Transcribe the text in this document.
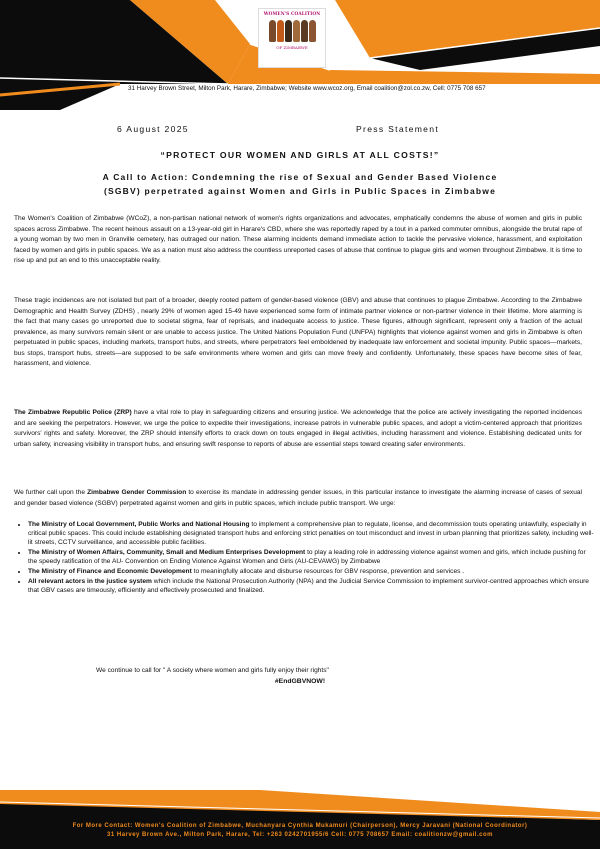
WOMEN'S COALITION
OF ZIMBABWE
31 Harvey Brown Street, Milton Park, Harare, Zimbabwe; Website www.wcoz.org, Email coalition@zol.co.zw, Cell: 0775 708 657
6 August 2025	Press Statement
“PROTECT OUR WOMEN AND GIRLS AT ALL COSTS!”
A Call to Action: Condemning the rise of Sexual and Gender Based Violence (SGBV) perpetrated against Women and Girls in Public Spaces in Zimbabwe

The Women's Coalition of Zimbabwe (WCoZ), a non-partisan national network of women's rights organizations and advocates, emphatically condemns the abuse of women and girls in public spaces across Zimbabwe. The recent heinous assault on a 13-year-old girl in Harare's CBD, where she was reportedly raped by a tout in a parked commuter omnibus, alongside the brutal rape of a young woman by two men in Granville cemetery, has outraged our nation. These alarming incidents demand immediate action to tackle the pervasive violence, harassment, and exploitation faced by women and girls in public spaces. We as a nation must also address the countless unreported cases of abuse that continue to plague girls and women throughout Zimbabwe. It is time to rise up and put an end to this unacceptable reality.

These tragic incidences are not isolated but part of a broader, deeply rooted pattern of gender-based violence (GBV) and abuse that continues to plague Zimbabwe. According to the Zimbabwe Demographic and Health Survey (ZDHS) , nearly 29% of women aged 15-49 have experienced some form of intimate partner violence or non-partner violence in their lifetime. More alarming is the fact that many cases go unreported due to societal stigma, fear of reprisals, and inadequate access to justice. These figures, although significant, represent only a fraction of the actual prevalence, as many survivors remain silent or are unable to access justice. The United Nations Population Fund (UNFPA) highlights that violence against women and girls in Zimbabwe is often perpetuated in public spaces, including markets, transport hubs, and streets, where perpetrators feel emboldened by inadequate law enforcement and societal impunity. Public spaces—markets, bus stops, transport hubs, streets—are supposed to be safe environments where women and girls can move freely and confidently. Unfortunately, these spaces have become sites of fear, harassment, and violence.

The Zimbabwe Republic Police (ZRP) have a vital role to play in safeguarding citizens and ensuring justice. We acknowledge that the police are actively investigating the reported incidences and are seeking the perpetrators. However, we urge the police to expedite their investigations, increase patrols in vulnerable public spaces, and adopt a victim-centered approach that prioritizes survivors' rights and safety. Moreover, the ZRP should intensify efforts to crack down on touts engaged in illegal activities, including harassment and violence. Establishing dedicated units for urban safety, increasing visibility in transport hubs, and ensuring swift response to reports of abuse are essential steps toward creating safer environments.

We further call upon the Zimbabwe Gender Commission to exercise its mandate in addressing gender issues, in this particular instance to investigate the alarming increase of cases of sexual and gender based violence (SGBV) perpetrated against women and girls in public spaces, which include public transport. We urge:

• The Ministry of Local Government, Public Works and National Housing to implement a comprehensive plan to regulate, license, and decommission touts operating unlawfully, especially in critical public spaces. This could include establishing designated transport hubs and enforcing strict penalties on tout misconduct and invest in urban planning that prioritizes safety, including well-lit streets, CCTV surveillance, and accessible public facilities.
• The Ministry of Women Affairs, Community, Small and Medium Enterprises Development to play a leading role in addressing violence against women and girls, which include pushing for the speedy ratification of the AU- Convention on Ending Violence Against Women and Girls (AU-CEVAWG) by Zimbabwe
• The Ministry of Finance and Economic Development to meaningfully allocate and disburse resources for GBV response, prevention and services .
• All relevant actors in the justice system which include the National Prosecution Authority (NPA) and the Judicial Service Commission to implement survivor-centred approaches which ensure that GBV cases are timeously, efficiently and effectively prosecuted and finalized.
We continue to call for " A society where women and girls fully enjoy their rights"
#EndGBVNOW!
For More Contact: Women's Coalition of Zimbabwe, Muchanyara Cynthia Mukamuri (Chairperson), Mercy Jaravani (National Coordinator)
31 Harvey Brown Ave., Milton Park, Harare, Tel: +263 0242701955/6 Cell: 0775 708657 Email: coalitionzw@gmail.com
